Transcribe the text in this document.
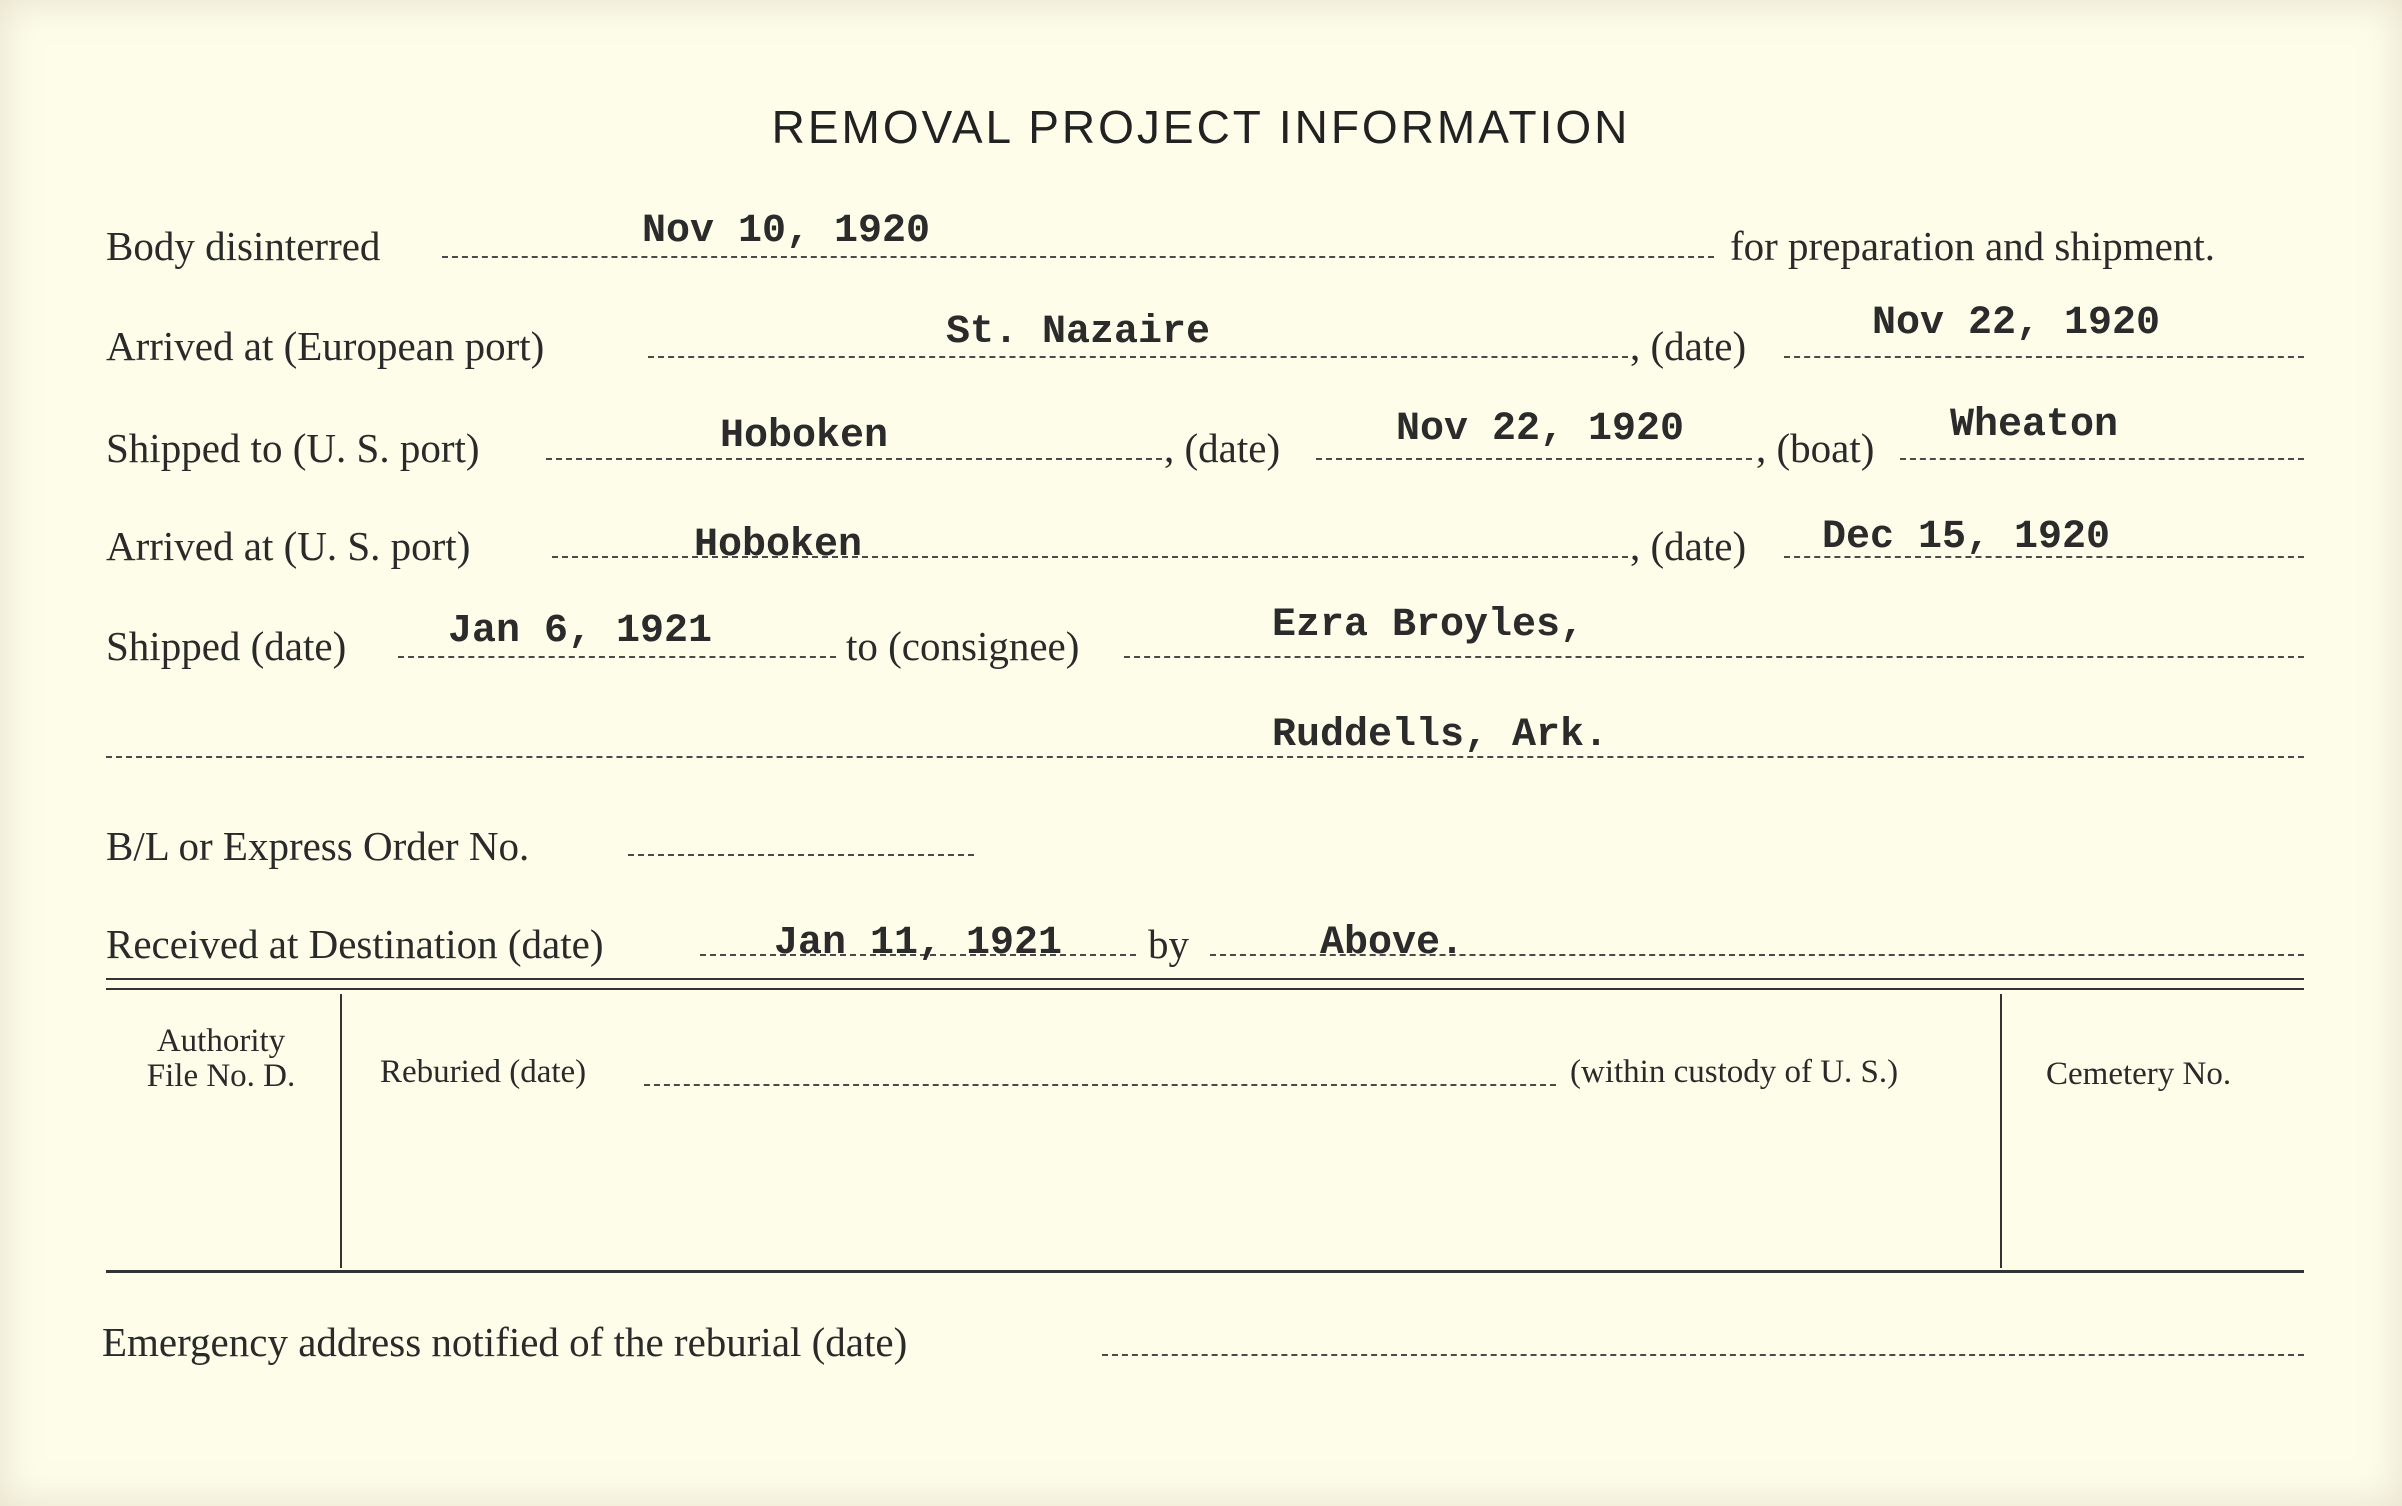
REMOVAL PROJECT INFORMATION
Body disinterred	Nov 10, 1920	for preparation and shipment.
Arrived at (European port)	St. Nazaire	, (date)	Nov 22, 1920
Shipped to (U. S. port)	Hoboken	, (date)	Nov 22, 1920 , (boat) Wheaton
Arrived at (U. S. port)	Hoboken	, (date) Dec 15, 1920
Shipped (date)	Jan 6, 1921	to (consignee)	Ezra Broyles,
Ruddells, Ark.
B/L or Express Order No.
Received at Destination (date)	Jan 11, 1921 by	Above.
Authority
File No. D.	Reburied (date)	(within custody of U. S.)	Cemetery No.
Emergency address notified of the reburial (date)
